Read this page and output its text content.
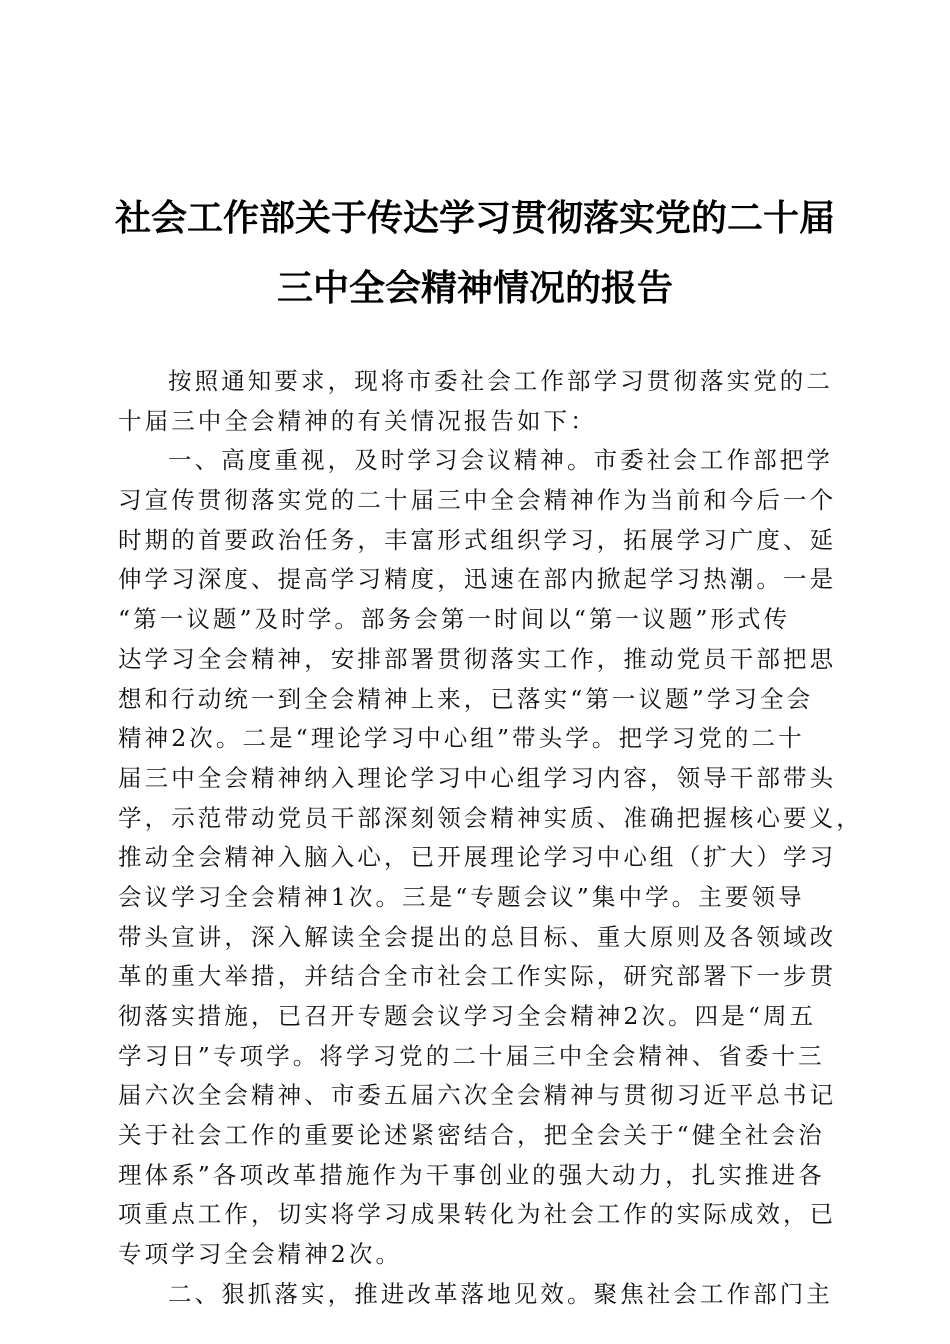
社会工作部关于传达学习贯彻落实党的二十届
三中全会精神情况的报告
按照通知要求，现将市委社会工作部学习贯彻落实党的二
十届三中全会精神的有关情况报告如下：
一、高度重视，及时学习会议精神。市委社会工作部把学
习宣传贯彻落实党的二十届三中全会精神作为当前和今后一个
时期的首要政治任务，丰富形式组织学习，拓展学习广度、延
伸学习深度、提高学习精度，迅速在部内掀起学习热潮。一是
“第一议题”及时学。部务会第一时间以“第一议题”形式传
达学习全会精神，安排部署贯彻落实工作，推动党员干部把思
想和行动统一到全会精神上来，已落实“第一议题”学习全会
精神2次。二是“理论学习中心组”带头学。把学习党的二十
届三中全会精神纳入理论学习中心组学习内容，领导干部带头
学，示范带动党员干部深刻领会精神实质、准确把握核心要义，
推动全会精神入脑入心，已开展理论学习中心组（扩大）学习
会议学习全会精神1次。三是“专题会议”集中学。主要领导
带头宣讲，深入解读全会提出的总目标、重大原则及各领域改
革的重大举措，并结合全市社会工作实际，研究部署下一步贯
彻落实措施，已召开专题会议学习全会精神2次。四是“周五
学习日”专项学。将学习党的二十届三中全会精神、省委十三
届六次全会精神、市委五届六次全会精神与贯彻习近平总书记
关于社会工作的重要论述紧密结合，把全会关于“健全社会治
理体系”各项改革措施作为干事创业的强大动力，扎实推进各
项重点工作，切实将学习成果转化为社会工作的实际成效，已
专项学习全会精神2次。
二、狠抓落实，推进改革落地见效。聚焦社会工作部门主
